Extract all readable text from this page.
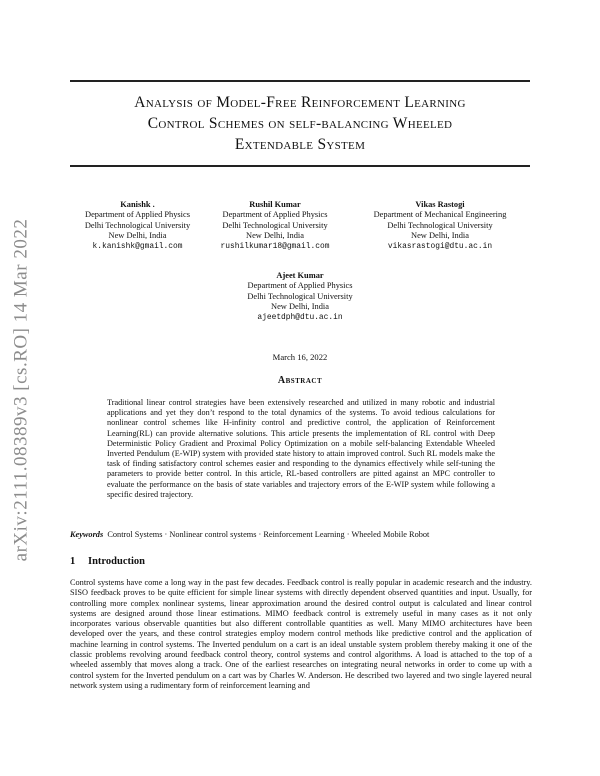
arXiv:2111.08389v3 [cs.RO] 14 Mar 2022
Analysis of Model-Free Reinforcement Learning
Control Schemes on self-balancing Wheeled
Extendable System
Kanishk .
Department of Applied Physics
Delhi Technological University
New Delhi, India
k.kanishk@gmail.com
Rushil Kumar
Department of Applied Physics
Delhi Technological University
New Delhi, India
rushilkumar18@gmail.com
Vikas Rastogi
Department of Mechanical Engineering
Delhi Technological University
New Delhi, India
vikasrastogi@dtu.ac.in
Ajeet Kumar
Department of Applied Physics
Delhi Technological University
New Delhi, India
ajeetdph@dtu.ac.in
March 16, 2022
Abstract
Traditional linear control strategies have been extensively researched and utilized in many robotic and industrial applications and yet they don’t respond to the total dynamics of the systems. To avoid tedious calculations for nonlinear control schemes like H-infinity control and predictive control, the application of Reinforcement Learning(RL) can provide alternative solutions. This article presents the implementation of RL control with Deep Deterministic Policy Gradient and Proximal Policy Optimization on a mobile self-balancing Extendable Wheeled Inverted Pendulum (E-WIP) system with provided state history to attain improved control. Such RL models make the task of finding satisfactory control schemes easier and responding to the dynamics effectively while self-tuning the parameters to provide better control. In this article, RL-based controllers are pitted against an MPC controller to evaluate the performance on the basis of state variables and trajectory errors of the E-WIP system while following a specific desired trajectory.
Keywords Control Systems · Nonlinear control systems · Reinforcement Learning · Wheeled Mobile Robot
1 Introduction
Control systems have come a long way in the past few decades. Feedback control is really popular in academic research and the industry. SISO feedback proves to be quite efficient for simple linear systems with directly dependent observed quantities and input. Usually, for controlling more complex nonlinear systems, linear approximation around the desired control output is calculated and linear control systems are designed around those linear estimations. MIMO feedback control is extremely useful in many cases as it not only incorporates various observable quantities but also different controllable quantities as well. Many MIMO architectures have been developed over the years, and these control strategies employ modern control methods like predictive control and the application of machine learning in control systems. The Inverted pendulum on a cart is an ideal unstable system problem thereby making it one of the classic problems revolving around feedback control theory, control systems and control algorithms. A load is attached to the top of a wheeled assembly that moves along a track. One of the earliest researches on integrating neural networks in order to come up with a control system for the Inverted pendulum on a cart was by Charles W. Anderson. He described two layered and two single layered neural network system using a rudimentary form of reinforcement learning and
